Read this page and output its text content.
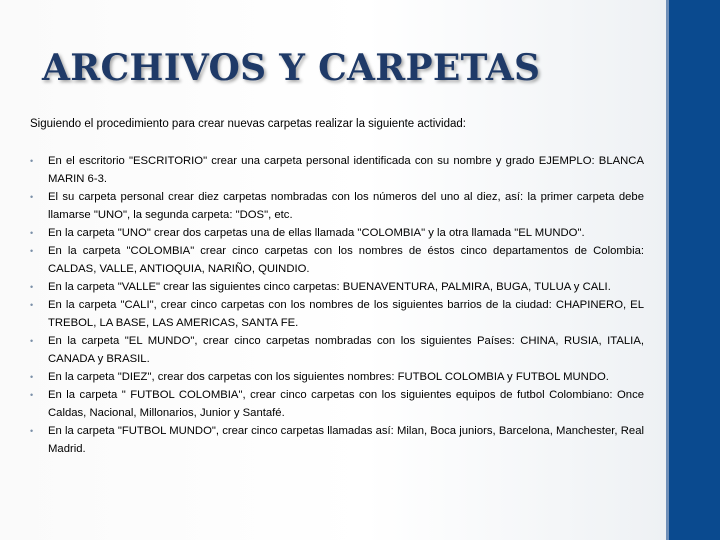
ARCHIVOS Y CARPETAS

Siguiendo el procedimiento para crear nuevas carpetas realizar la siguiente actividad:

• En el escritorio "ESCRITORIO" crear una carpeta personal identificada con su nombre y grado EJEMPLO: BLANCA MARIN 6-3.
• El su carpeta personal crear diez carpetas nombradas con los números del uno al diez, así: la primer carpeta debe llamarse "UNO", la segunda carpeta: "DOS", etc.
• En la carpeta "UNO" crear dos carpetas una de ellas llamada "COLOMBIA" y la otra llamada "EL MUNDO".
• En la carpeta "COLOMBIA" crear cinco carpetas con los nombres de éstos cinco departamentos de Colombia: CALDAS, VALLE, ANTIOQUIA, NARIÑO, QUINDIO.
• En la carpeta "VALLE" crear las siguientes cinco carpetas: BUENAVENTURA, PALMIRA, BUGA, TULUA y CALI.
• En la carpeta "CALI", crear cinco carpetas con los nombres de los siguientes barrios de la ciudad: CHAPINERO, EL TREBOL, LA BASE, LAS AMERICAS, SANTA FE.
• En la carpeta "EL MUNDO", crear cinco carpetas nombradas con los siguientes Países: CHINA, RUSIA, ITALIA, CANADA y BRASIL.
• En la carpeta "DIEZ", crear dos carpetas con los siguientes nombres: FUTBOL COLOMBIA y FUTBOL MUNDO.
• En la carpeta " FUTBOL COLOMBIA", crear cinco carpetas con los siguientes equipos de futbol Colombiano: Once Caldas, Nacional, Millonarios, Junior y Santafé.
• En la carpeta "FUTBOL MUNDO", crear cinco carpetas llamadas así: Milan, Boca juniors, Barcelona, Manchester, Real Madrid.
